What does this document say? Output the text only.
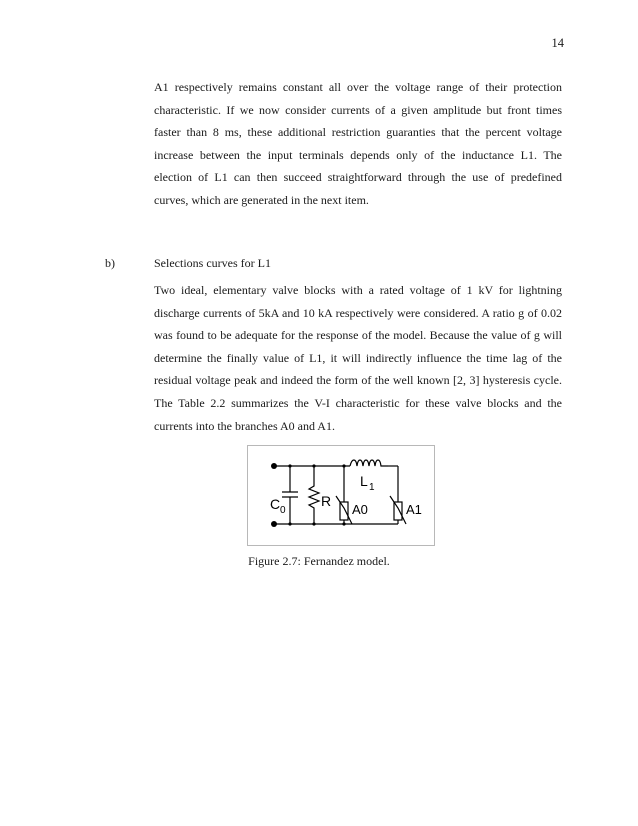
14

A1 respectively remains constant all over the voltage range of their protection characteristic. If we now consider currents of a given amplitude but front times faster than 8 ms, these additional restriction guaranties that the percent voltage increase between the input terminals depends only of the inductance L1. The election of L1 can then succeed straightforward through the use of predefined curves, which are generated in the next item.

b)	Selections curves for L1

Two ideal, elementary valve blocks with a rated voltage of 1 kV for lightning discharge currents of 5kA and 10 kA respectively were considered. A ratio g of 0.02 was found to be adequate for the response of the model. Because the value of g will determine the finally value of L1, it will indirectly influence the time lag of the residual voltage peak and indeed the form of the well known [2, 3] hysteresis cycle. The Table 2.2 summarizes the V-I characteristic for these valve blocks and the currents into the branches A0 and A1.

C 0
R
L 1
A0	A1
Figure 2.7: Fernandez model.
